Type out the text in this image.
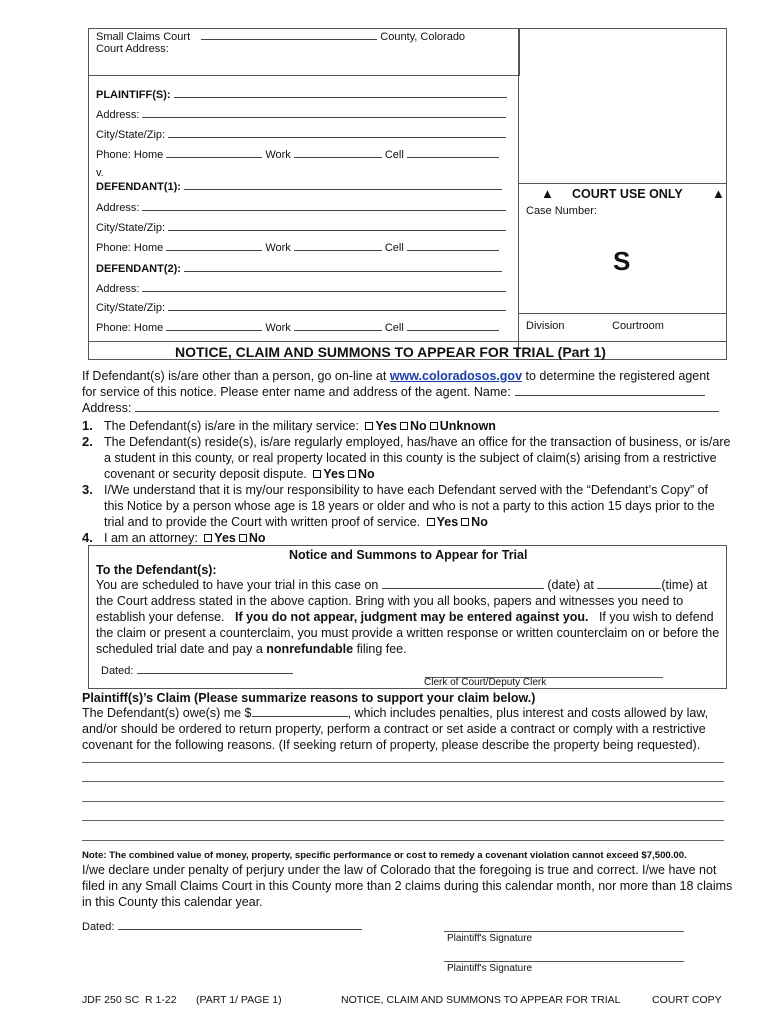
Small Claims Court	County, Colorado
Court Address:
PLAINTIFF(S):
Address:
City/State/Zip:
Phone: Home	Work	Cell
v.
DEFENDANT(1):
Address:
City/State/Zip:
Phone: Home	Work	Cell
DEFENDANT(2):
Address:
City/State/Zip:
Phone: Home	Work	Cell
▲ COURT USE ONLY ▲
Case Number:
S
Division	Courtroom
NOTICE, CLAIM AND SUMMONS TO APPEAR FOR TRIAL (Part 1)
If Defendant(s) is/are other than a person, go on-line at www.coloradosos.gov to determine the registered agent
for service of this notice. Please enter name and address of the agent. Name:
Address:
1. The Defendant(s) is/are in the military service: Yes No Unknown
2. The Defendant(s) reside(s), is/are regularly employed, has/have an office for the transaction of business, or is/are
a student in this county, or real property located in this county is the subject of claim(s) arising from a restrictive
covenant or security deposit dispute. Yes No
3. I/We understand that it is my/our responsibility to have each Defendant served with the “Defendant’s Copy” of
this Notice by a person whose age is 18 years or older and who is not a party to this action 15 days prior to the
trial and to provide the Court with written proof of service. Yes No
4. I am an attorney: Yes No
Notice and Summons to Appear for Trial
To the Defendant(s):
You are scheduled to have your trial in this case on	(date) at	(time) at
the Court address stated in the above caption. Bring with you all books, papers and witnesses you need to
establish your defense. If you do not appear, judgment may be entered against you. If you wish to defend
the claim or present a counterclaim, you must provide a written response or written counterclaim on or before the
scheduled trial date and pay a nonrefundable filing fee.
Dated:
Clerk of Court/Deputy Clerk
Plaintiff(s)’s Claim (Please summarize reasons to support your claim below.)
The Defendant(s) owe(s) me $	, which includes penalties, plus interest and costs allowed by law,
and/or should be ordered to return property, perform a contract or set aside a contract or comply with a restrictive
covenant for the following reasons. (If seeking return of property, please describe the property being requested).
Note: The combined value of money, property, specific performance or cost to remedy a covenant violation cannot exceed $7,500.00.
I/we declare under penalty of perjury under the law of Colorado that the foregoing is true and correct. I/we have not
filed in any Small Claims Court in this County more than 2 claims during this calendar month, nor more than 18 claims
in this County this calendar year.
Dated:
Plaintiff's Signature
Plaintiff's Signature
JDF 250 SC  R 1-22 (PART 1/ PAGE 1)	NOTICE, CLAIM AND SUMMONS TO APPEAR FOR TRIAL	COURT COPY
